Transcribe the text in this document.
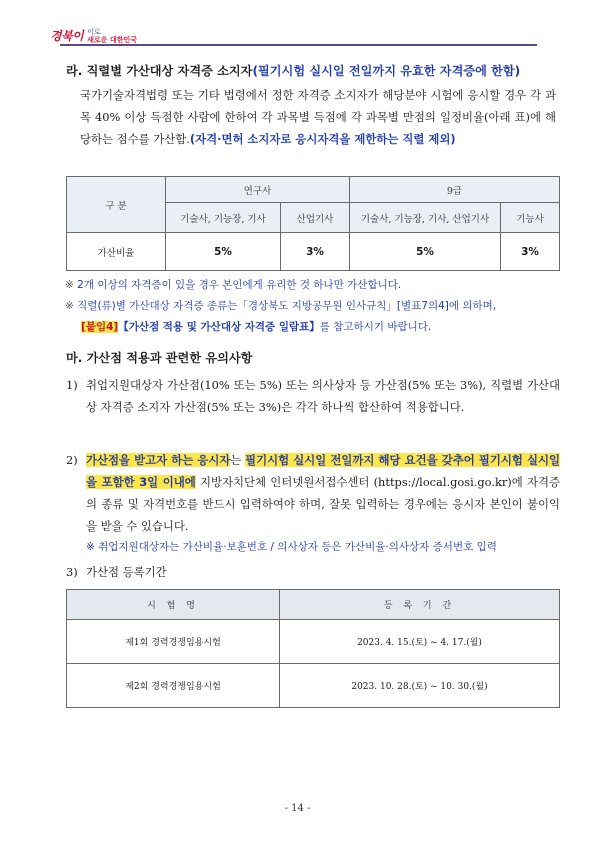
경북이 이로
새로운 대한민국
라. 직렬별 가산대상 자격증 소지자(필기시험 실시일 전일까지 유효한 자격증에 한함)
국가기술자격법령 또는 기타 법령에서 정한 자격증 소지자가 해당분야 시험에 응시할 경우 각 과목 40% 이상 득점한 사람에 한하여 각 과목별 득점에 각 과목별 만점의 일정비율(아래 표)에 해당하는 점수를 가산함.(자격·면허 소지자로 응시자격을 제한하는 직렬 제외)
구 분	연구사		9급	
	기술사, 기능장, 기사	산업기사	기술사, 기능장, 기사, 산업기사	기능사
가산비율	5%	3%	5%	3%
※ 2개 이상의 자격증이 있을 경우 본인에게 유리한 것 하나만 가산합니다.
※ 직렬(류)별 가산대상 자격증 종류는「경상북도 지방공무원 인사규칙」[별표7의4]에 의하며,
[붙임4]【가산점 적용 및 가산대상 자격증 일람표】를 참고하시기 바랍니다.
마. 가산점 적용과 관련한 유의사항
1) 취업지원대상자 가산점(10% 또는 5%) 또는 의사상자 등 가산점(5% 또는 3%), 직렬별 가산대상 자격증 소지자 가산점(5% 또는 3%)은 각각 하나씩 합산하여 적용합니다.
2) 가산점을 받고자 하는 응시자는 필기시험 실시일 전일까지 해당 요건을 갖추어 필기시험 실시일을 포함한 3일 이내에 지방자치단체 인터넷원서접수센터 (https://local.gosi.go.kr)에 자격증의 종류 및 자격번호를 반드시 입력하여야 하며, 잘못 입력하는 경우에는 응시자 본인이 불이익을 받을 수 있습니다.
※ 취업지원대상자는 가산비율·보훈번호 / 의사상자 등은 가산비율·의사상자 증서번호 입력
3) 가산점 등록기간
시 험 명	등 록 기 간
제1회 경력경쟁임용시험	2023. 4. 15.(토) ~ 4. 17.(월)
제2회 경력경쟁임용시험	2023. 10. 28.(토) ~ 10. 30.(월)
- 14 -
